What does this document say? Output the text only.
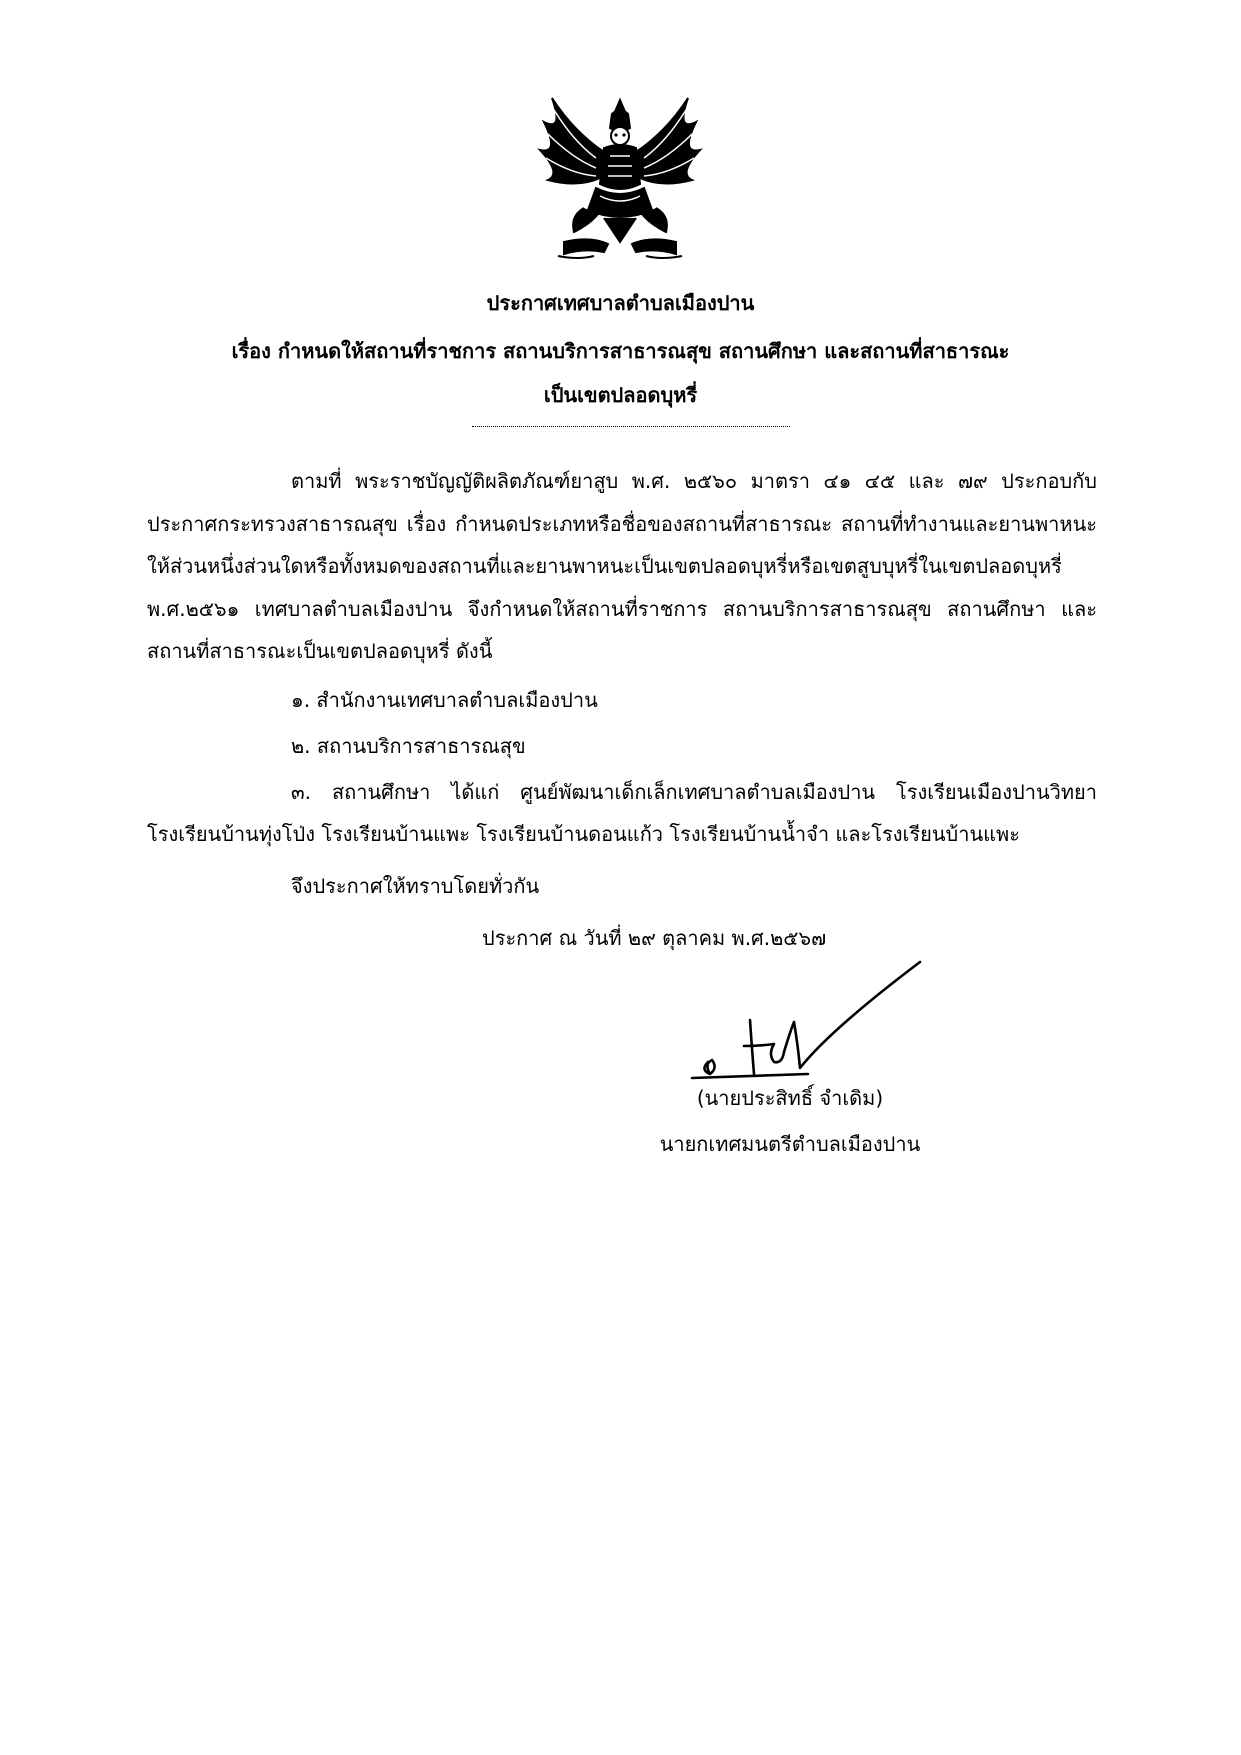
ประกาศเทศบาลตำบลเมืองปาน
เรื่อง กำหนดให้สถานที่ราชการ สถานบริการสาธารณสุข สถานศึกษา และสถานที่สาธารณะ
เป็นเขตปลอดบุหรี่
ตามที่ พระราชบัญญัติผลิตภัณฑ์ยาสูบ พ.ศ. ๒๕๖๐ มาตรา ๔๑ ๔๕ และ ๗๙ ประกอบกับประกาศกระทรวงสาธารณสุข เรื่อง กำหนดประเภทหรือชื่อของสถานที่สาธารณะ สถานที่ทำงานและยานพาหนะ ให้ส่วนหนึ่งส่วนใดหรือทั้งหมดของสถานที่และยานพาหนะเป็นเขตปลอดบุหรี่หรือเขตสูบบุหรี่ในเขตปลอดบุหรี่ พ.ศ.๒๕๖๑ เทศบาลตำบลเมืองปาน จึงกำหนดให้สถานที่ราชการ สถานบริการสาธารณสุข สถานศึกษา และสถานที่สาธารณะเป็นเขตปลอดบุหรี่ ดังนี้
๑. สำนักงานเทศบาลตำบลเมืองปาน
๒. สถานบริการสาธารณสุข
๓. สถานศึกษา ได้แก่ ศูนย์พัฒนาเด็กเล็กเทศบาลตำบลเมืองปาน โรงเรียนเมืองปานวิทยา โรงเรียนบ้านทุ่งโป่ง โรงเรียนบ้านแพะ โรงเรียนบ้านดอนแก้ว โรงเรียนบ้านน้ำจำ และโรงเรียนบ้านแพะ
จึงประกาศให้ทราบโดยทั่วกัน
ประกาศ ณ วันที่ ๒๙ ตุลาคม พ.ศ.๒๕๖๗
(นายประสิทธิ์ จำเดิม)
นายกเทศมนตรีตำบลเมืองปาน
